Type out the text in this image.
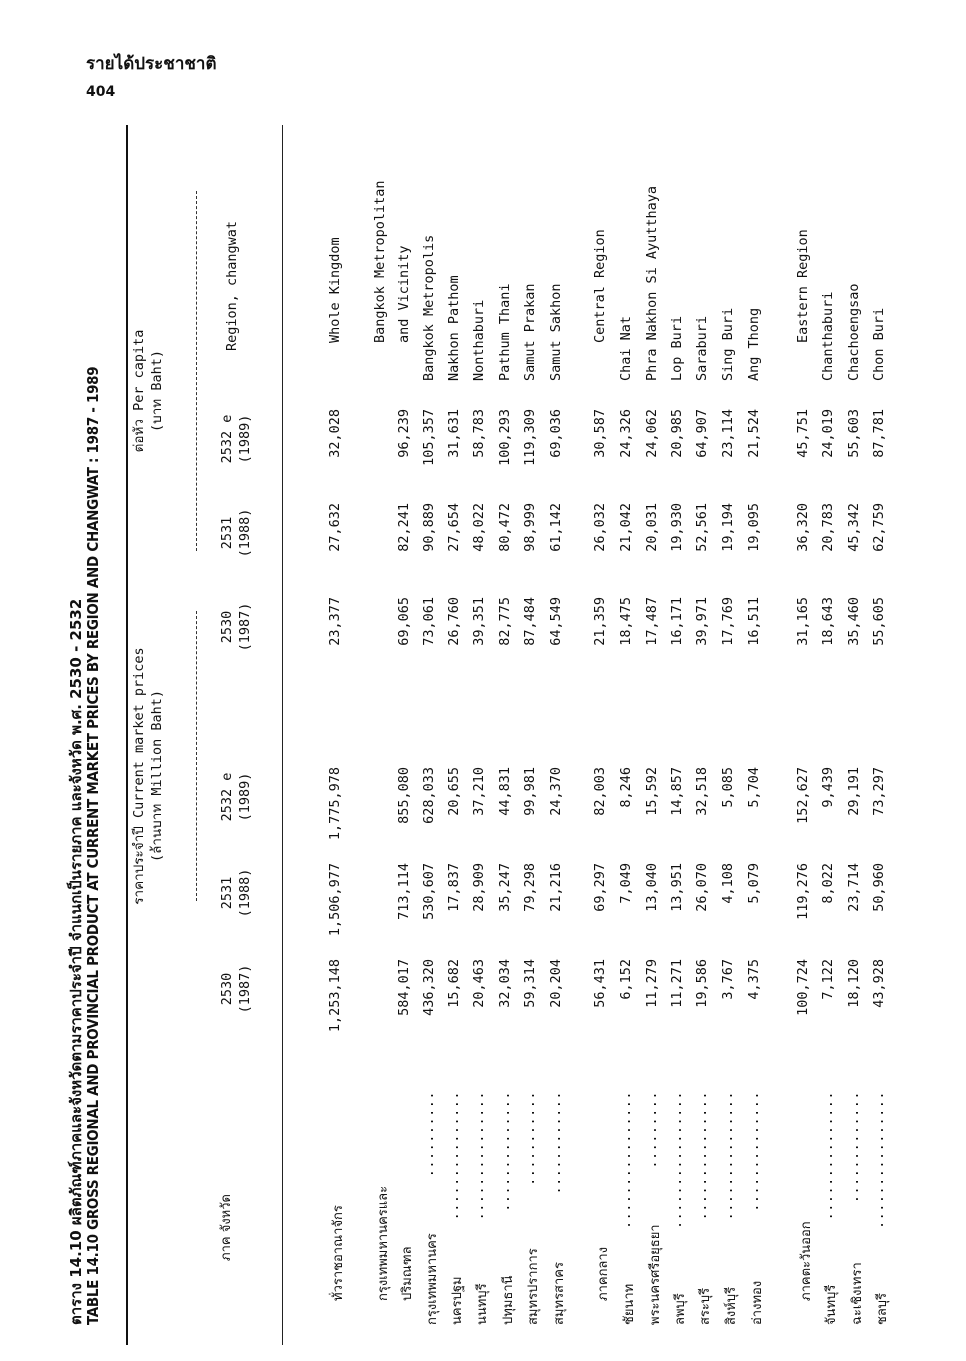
รายได้ประชาชาติ
404
ตาราง 14.10 ผลิตภัณฑ์ภาคและจังหวัดตามราคาประจำปี จำแนกเป็นรายภาค และจังหวัด พ.ศ. 2530 - 2532 TABLE 14.10 GROSS REGIONAL AND PROVINCIAL PRODUCT AT CURRENT MARKET PRICES BY REGION AND CHANGWAT : 1987 - 1989	ภาค จังหวัด
ราคาประจำปี Current market prices (ล้านบาท Million Baht)
ต่อหัว Per capita (บาท Baht)
Region, changwat
2530 (1987)
2531 (1988)
2532 e (1989)
2530 (1987)
2531 (1988)
2532 e (1989)
ทั่วราชอาณาจักร
1,253,148
1,506,977
1,775,978
23,377
27,632
32,028
Whole Kingdom
กรุงเทพมหานครและ
Bangkok Metropolitan
ปริมณฑล
584,017
713,114
855,080
69,065
82,241
96,239
and Vicinity
กรุงเทพมหานคร
..........
436,320
530,607
628,033
73,061
90,889
105,357
Bangkok Metropolis
นครปฐม
...............
15,682
17,837
20,655
26,760
27,654
31,631
Nakhon Pathom
นนทบุรี
...............
20,463
28,909
37,210
39,351
48,022
58,783
Nonthaburi
ปทุมธานี
..............
32,034
35,247
44,831
82,775
80,472
100,293
Pathum Thani
สมุทรปราการ
...........
59,314
79,298
99,981
87,484
98,999
119,309
Samut Prakan
สมุทรสาคร
............
20,204
21,216
24,370
64,549
61,142
69,036
Samut Sakhon
ภาคกลาง
56,431
69,297
82,003
21,359
26,032
30,587
Central Region
ชัยนาท
................
6,152
7,049
8,246
18,475
21,042
24,326
Chai Nat
พระนครศรีอยุธยา
.........
11,279
13,040
15,592
17,487
20,031
24,062
Phra Nakhon Si Ayutthaya
ลพบุรี
................
11,271
13,951
14,857
16,171
19,930
20,985
Lop Buri
สระบุรี
...............
19,586
26,070
32,518
39,971
52,561
64,907
Saraburi
สิงห์บุรี
...............
3,767
4,108
5,085
17,769
19,194
23,114
Sing Buri
อ่างทอง
..............
4,375
5,079
5,704
16,511
19,095
21,524
Ang Thong
ภาคตะวันออก
100,724
119,276
152,627
31,165
36,320
45,751
Eastern Region
จันทบุรี
...............
7,122
8,022
9,439
18,643
20,783
24,019
Chanthaburi
ฉะเชิงเทรา
.............
18,120
23,714
29,191
35,460
45,342
55,603
Chachoengsao
ชลบุรี
................
43,928
50,960
73,297
55,605
62,759
87,781
Chon Buri
